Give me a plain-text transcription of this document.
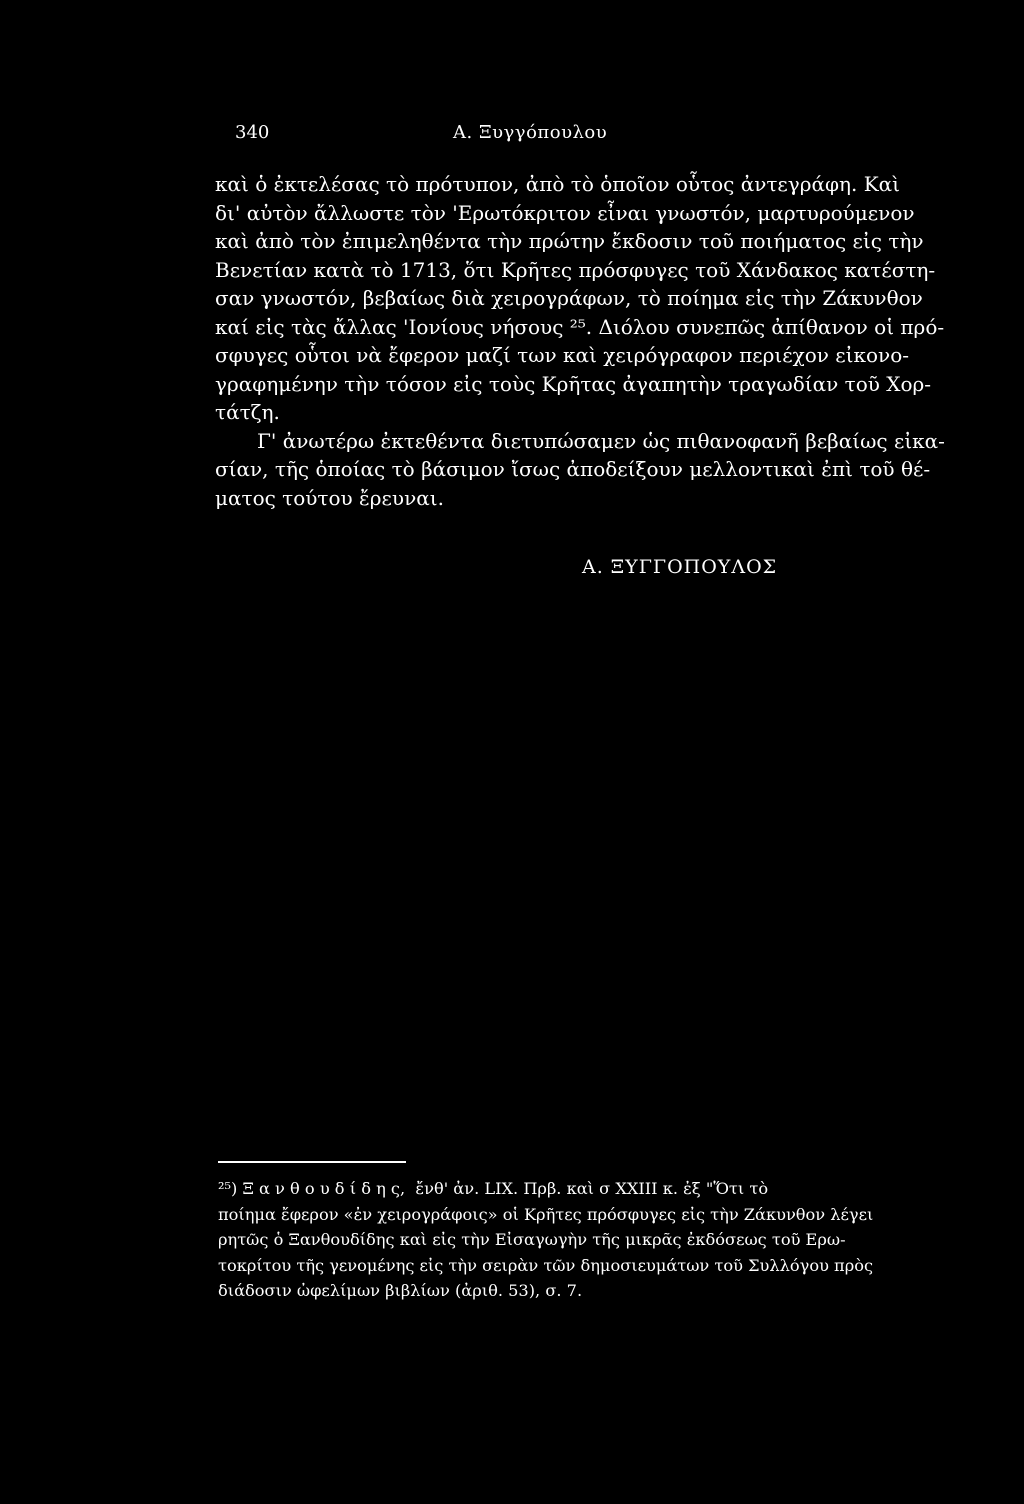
340	Α. Ξυγγόπουλου
καὶ ὁ ἐκτελέσας τὸ πρότυπον, ἀπὸ τὸ ὁποῖον οὗτος ἀντεγράφη. Καὶ
δι' αὐτὸν ἄλλωστε τὸν 'Ερωτόκριτον εἶναι γνωστόν, μαρτυρούμενον
καὶ ἀπὸ τὸν ἐπιμεληθέντα τὴν πρώτην ἔκδοσιν τοῦ ποιήματος εἰς τὴν
Βενετίαν κατὰ τὸ 1713, ὅτι Κρῆτες πρόσφυγες τοῦ Χάνδακος κατέστη-
σαν γνωστόν, βεβαίως διὰ χειρογράφων, τὸ ποίημα εἰς τὴν Ζάκυνθον
καί εἰς τὰς ἄλλας 'Ιονίους νήσους ²⁵. Διόλου συνεπῶς ἀπίθανον οἱ πρό-
σφυγες οὗτοι νὰ ἔφερον μαζί των καὶ χειρόγραφον περιέχον εἰκονο-
γραφημένην τὴν τόσον εἰς τοὺς Κρῆτας ἀγαπητὴν τραγωδίαν τοῦ Χορ-
τάτζη.
Γ' ἀνωτέρω ἐκτεθέντα διετυπώσαμεν ὡς πιθανοφανῆ βεβαίως εἰκα-
σίαν, τῆς ὁποίας τὸ βάσιμον ἴσως ἀποδείξουν μελλοντικαὶ ἐπὶ τοῦ θέ-
ματος τούτου ἔρευναι.
Α. ΞΥΓΓΟΠΟΥΛΟΣ
²⁵) Ξ α ν θ ο υ δ ί δ η ς,  ἔνθ' ἀν. LIX. Πρβ. καὶ σ XXIII κ. ἐξ "Ὅτι τὸ
ποίημα ἔφερον «ἐν χειρογράφοις» οἱ Κρῆτες πρόσφυγες εἰς τὴν Ζάκυνθον λέγει
ρητῶς ὁ Ξανθουδίδης καὶ εἰς τὴν Εἰσαγωγὴν τῆς μικρᾶς ἐκδόσεως τοῦ Ερω-
τοκρίτου τῆς γενομένης εἰς τὴν σειρὰν τῶν δημοσιευμάτων τοῦ Συλλόγου πρὸς
διάδοσιν ὠφελίμων βιβλίων (ἀριθ. 53), σ. 7.
